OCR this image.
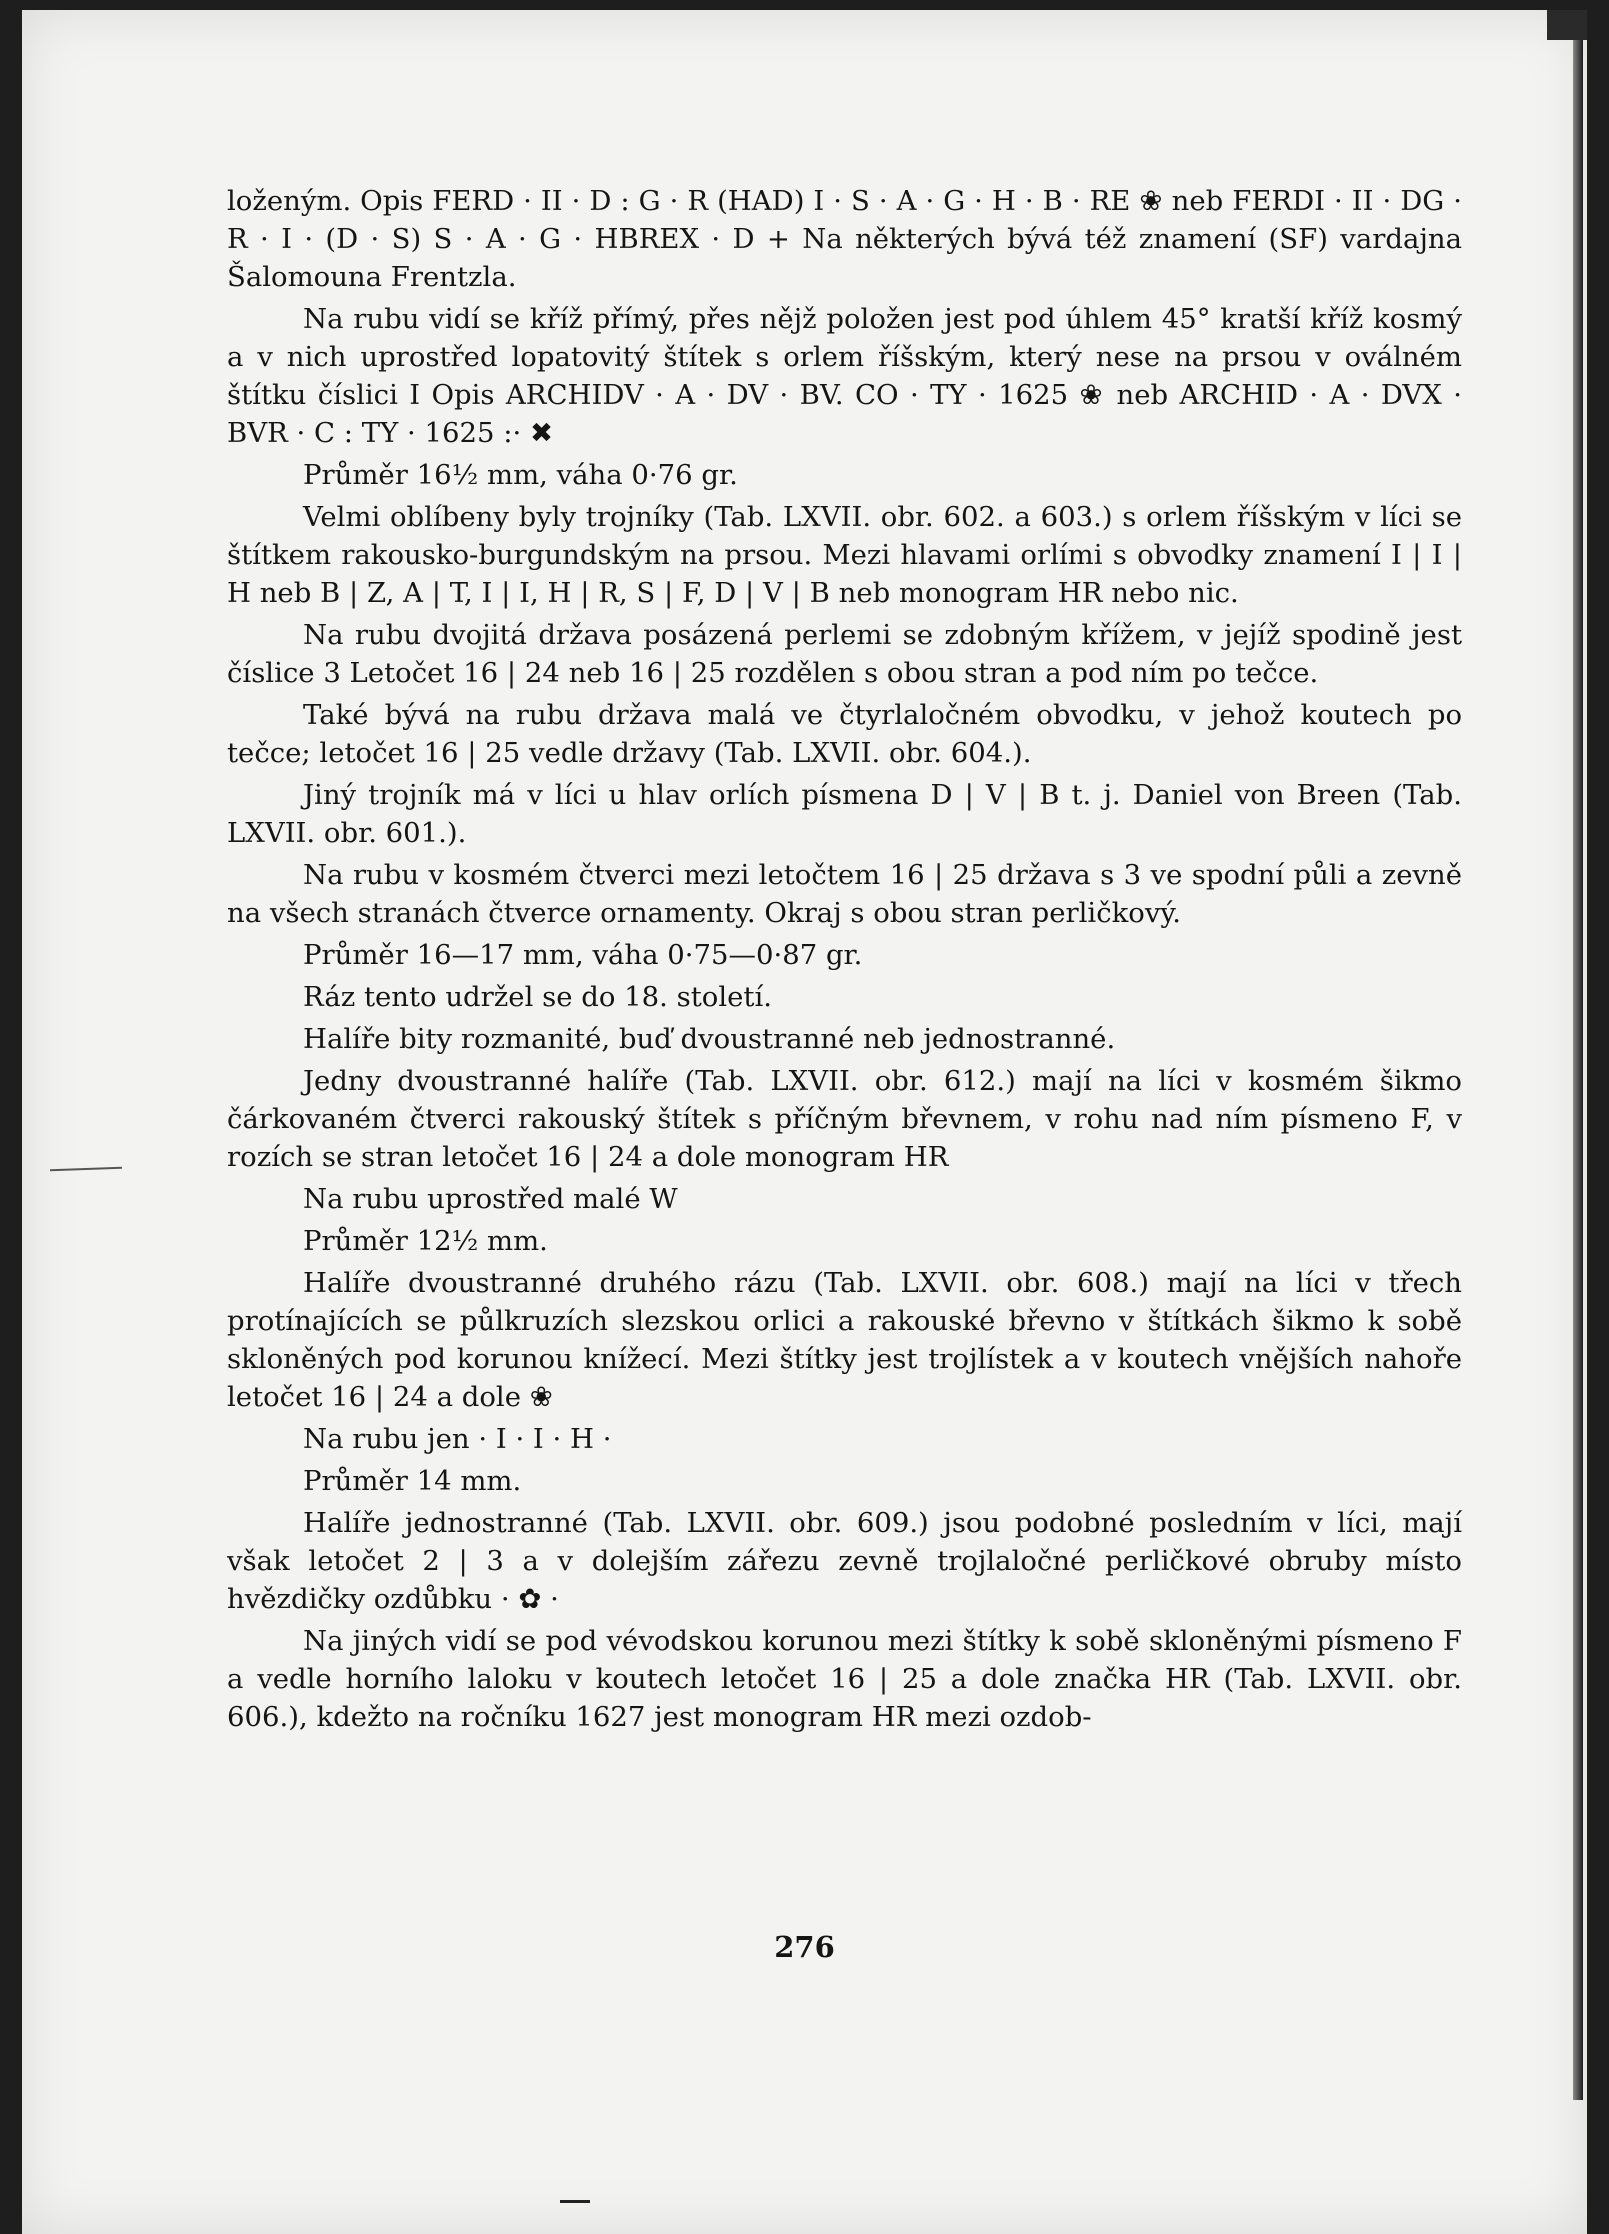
loženým. Opis FERD · II · D : G · R (HAD) I · S · A · G · H · B · RE ❀ neb FERDI · II · DG · R · I · (D · S) S · A · G · HBREX · D + Na některých bývá též znamení (SF) vardajna Šalomouna Frentzla.

Na rubu vidí se kříž přímý, přes nějž položen jest pod úhlem 45° kratší kříž kosmý a v nich uprostřed lopatovitý štítek s orlem říšským, který nese na prsou v oválném štítku číslici I Opis ARCHIDV · A · DV · BV. CO · TY · 1625 ❀ neb ARCHID · A · DVX · BVR · C : TY · 1625 :· ✖

Průměr 16½ mm, váha 0·76 gr.

Velmi oblíbeny byly trojníky (Tab. LXVII. obr. 602. a 603.) s orlem říšským v líci se štítkem rakousko-burgundským na prsou. Mezi hlavami orlími s obvodky znamení I | I | H neb B | Z, A | T, I | I, H | R, S | F, D | V | B neb monogram HR nebo nic.

Na rubu dvojitá država posázená perlemi se zdobným křížem, v jejíž spodině jest číslice 3 Letočet 16 | 24 neb 16 | 25 rozdělen s obou stran a pod ním po tečce.

Také bývá na rubu država malá ve čtyrlaločném obvodku, v jehož koutech po tečce; letočet 16 | 25 vedle državy (Tab. LXVII. obr. 604.).

Jiný trojník má v líci u hlav orlích písmena D | V | B t. j. Daniel von Breen (Tab. LXVII. obr. 601.).

Na rubu v kosmém čtverci mezi letočtem 16 | 25 država s 3 ve spodní půli a zevně na všech stranách čtverce ornamenty. Okraj s obou stran perličkový.

Průměr 16—17 mm, váha 0·75—0·87 gr.

Ráz tento udržel se do 18. století.

Halíře bity rozmanité, buď dvoustranné neb jednostranné.

Jedny dvoustranné halíře (Tab. LXVII. obr. 612.) mají na líci v kosmém šikmo čárkovaném čtverci rakouský štítek s příčným břevnem, v rohu nad ním písmeno F, v rozích se stran letočet 16 | 24 a dole monogram HR

Na rubu uprostřed malé W

Průměr 12½ mm.

Halíře dvoustranné druhého rázu (Tab. LXVII. obr. 608.) mají na líci v třech protínajících se půlkruzích slezskou orlici a rakouské břevno v štítkách šikmo k sobě skloněných pod korunou knížecí. Mezi štítky jest trojlístek a v koutech vnějších nahoře letočet 16 | 24 a dole ❀

Na rubu jen · I · I · H ·

Průměr 14 mm.

Halíře jednostranné (Tab. LXVII. obr. 609.) jsou podobné posledním v líci, mají však letočet 2 | 3 a v dolejším zářezu zevně trojlaločné perličkové obruby místo hvězdičky ozdůbku · ✿ ·

Na jiných vidí se pod vévodskou korunou mezi štítky k sobě skloněnými písmeno F a vedle horního laloku v koutech letočet 16 | 25 a dole značka HR (Tab. LXVII. obr. 606.), kdežto na ročníku 1627 jest monogram HR mezi ozdob-

276
